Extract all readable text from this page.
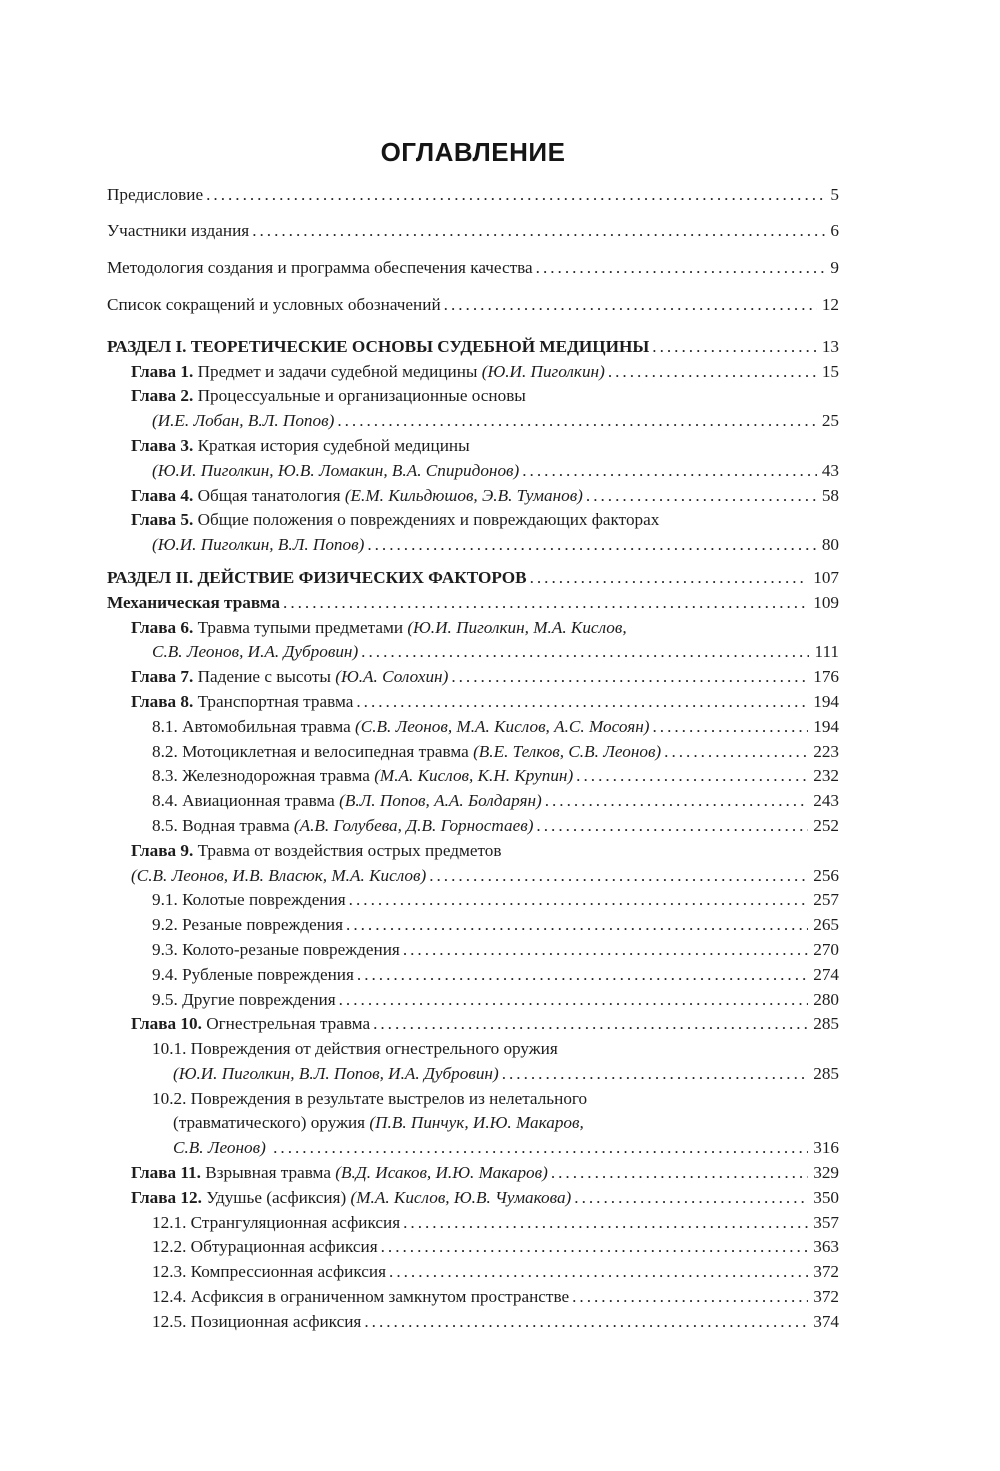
ОГЛАВЛЕНИЕ
Предисловие .....	5
Участники издания .....	6
Методология создания и программа обеспечения качества .....	9
Список сокращений и условных обозначений .....	12
РАЗДЕЛ I. ТЕОРЕТИЧЕСКИЕ ОСНОВЫ СУДЕБНОЙ МЕДИЦИНЫ .....	13
Глава 1. Предмет и задачи судебной медицины (Ю.И. Пиголкин) .....	15
Глава 2. Процессуальные и организационные основы
(И.Е. Лобан, В.Л. Попов) .....	25
Глава 3. Краткая история судебной медицины
(Ю.И. Пиголкин, Ю.В. Ломакин, В.А. Спиридонов) .....	43
Глава 4. Общая танатология (Е.М. Кильдюшов, Э.В. Туманов) .....	58
Глава 5. Общие положения о повреждениях и повреждающих факторах
(Ю.И. Пиголкин, В.Л. Попов) .....	80
РАЗДЕЛ II. ДЕЙСТВИЕ ФИЗИЧЕСКИХ ФАКТОРОВ .....	107
Механическая травма .....	109
Глава 6. Травма тупыми предметами (Ю.И. Пиголкин, М.А. Кислов,
С.В. Леонов, И.А. Дубровин) .....	111
Глава 7. Падение с высоты (Ю.А. Солохин) .....	176
Глава 8. Транспортная травма .....	194
8.1. Автомобильная травма (С.В. Леонов, М.А. Кислов, А.С. Мосоян) .....	194
8.2. Мотоциклетная и велосипедная травма (В.Е. Телков, С.В. Леонов) .....	223
8.3. Железнодорожная травма (М.А. Кислов, К.Н. Крупин) .....	232
8.4. Авиационная травма (В.Л. Попов, А.А. Болдарян) .....	243
8.5. Водная травма (А.В. Голубева, Д.В. Горностаев) .....	252
Глава 9. Травма от воздействия острых предметов
(С.В. Леонов, И.В. Власюк, М.А. Кислов) .....	256
9.1. Колотые повреждения .....	257
9.2. Резаные повреждения .....	265
9.3. Колото-резаные повреждения .....	270
9.4. Рубленые повреждения .....	274
9.5. Другие повреждения .....	280
Глава 10. Огнестрельная травма .....	285
10.1. Повреждения от действия огнестрельного оружия
(Ю.И. Пиголкин, В.Л. Попов, И.А. Дубровин) .....	285
10.2. Повреждения в результате выстрелов из нелетального
(травматического) оружия (П.В. Пинчук, И.Ю. Макаров,
С.В. Леонов) .....	316
Глава 11. Взрывная травма (В.Д. Исаков, И.Ю. Макаров) .....	329
Глава 12. Удушье (асфиксия) (М.А. Кислов, Ю.В. Чумакова) .....	350
12.1. Странгуляционная асфиксия .....	357
12.2. Обтурационная асфиксия .....	363
12.3. Компрессионная асфиксия .....	372
12.4. Асфиксия в ограниченном замкнутом пространстве .....	372
12.5. Позиционная асфиксия .....	374
